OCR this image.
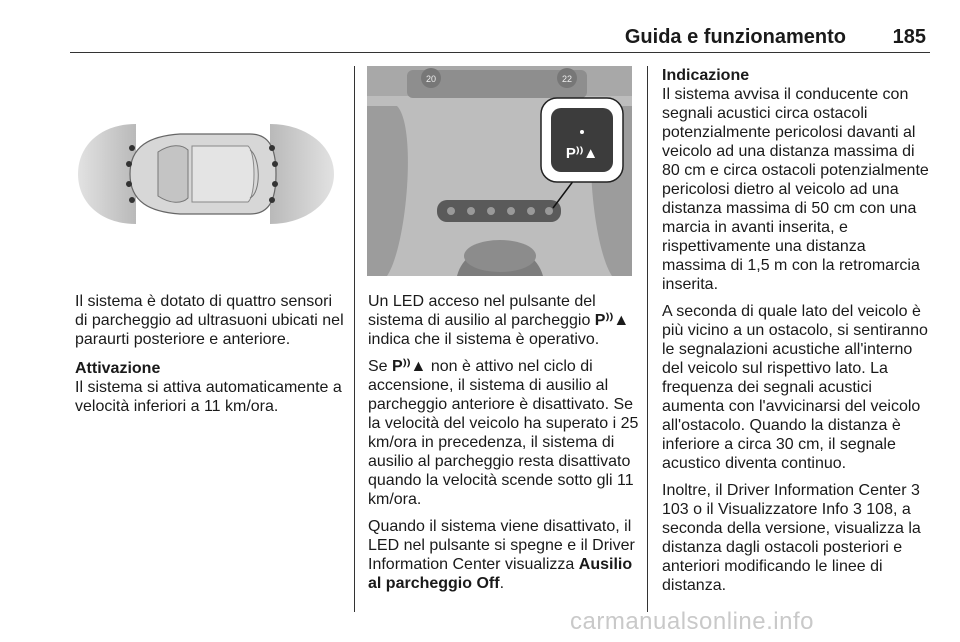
Guida e funzionamento 185
20	22
P⁾⁾▲

Il sistema è dotato di quattro sensori di parcheggio ad ultrasuoni ubicati nel paraurti posteriore e anteriore.

Attivazione

Il sistema si attiva automaticamente a velocità inferiori a 11 km/ora.

Un LED acceso nel pulsante del sistema di ausilio al parcheggio P⁾⁾▲ indica che il sistema è operativo.

Se P⁾⁾▲ non è attivo nel ciclo di accensione, il sistema di ausilio al parcheggio anteriore è disattivato. Se la velocità del veicolo ha superato i 25 km/ora in precedenza, il sistema di ausilio al parcheggio resta disattivato quando la velocità scende sotto gli 11 km/ora.

Quando il sistema viene disattivato, il LED nel pulsante si spegne e il Driver Information Center visualizza Ausilio al parcheggio Off.

Indicazione

Il sistema avvisa il conducente con segnali acustici circa ostacoli potenzialmente pericolosi davanti al veicolo ad una distanza massima di 80 cm e circa ostacoli potenzialmente pericolosi dietro al veicolo ad una distanza massima di 50 cm con una marcia in avanti inserita, e rispettivamente una distanza massima di 1,5 m con la retromarcia inserita.

A seconda di quale lato del veicolo è più vicino a un ostacolo, si sentiranno le segnalazioni acustiche all'interno del veicolo sul rispettivo lato. La frequenza dei segnali acustici aumenta con l'avvicinarsi del veicolo all'ostacolo. Quando la distanza è inferiore a circa 30 cm, il segnale acustico diventa continuo.

Inoltre, il Driver Information Center 3 103 o il Visualizzatore Info 3 108, a seconda della versione, visualizza la distanza dagli ostacoli posteriori e anteriori modificando le linee di distanza.

carmanualsonline.info
